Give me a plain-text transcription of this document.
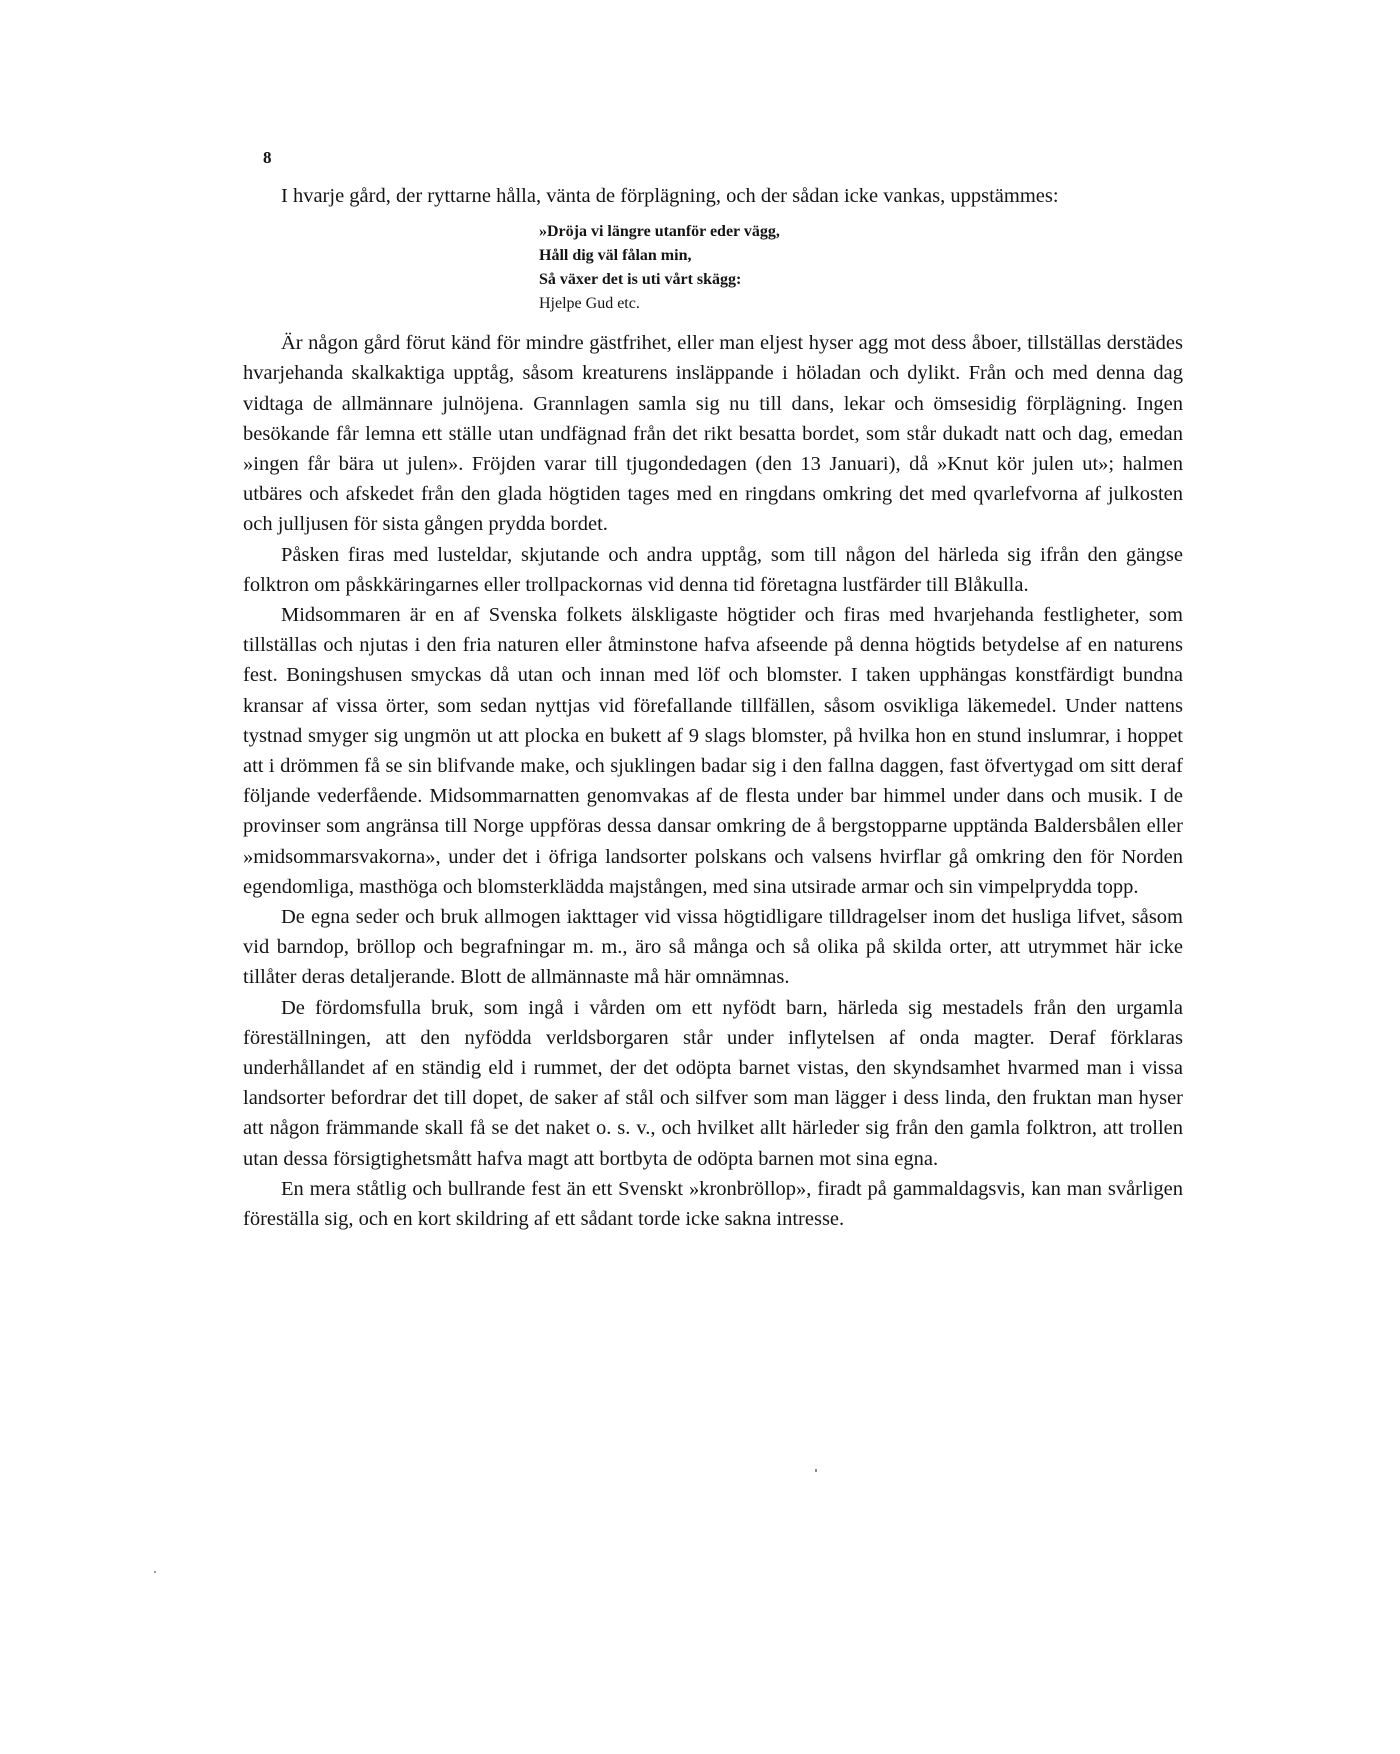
8

I hvarje gård, der ryttarne hålla, vänta de förplägning, och der sådan icke vankas, uppstämmes:

»Dröja vi längre utanför eder vägg,
Håll dig väl fålan min,
Så växer det is uti vårt skägg:
Hjelpe Gud etc.

Är någon gård förut känd för mindre gästfrihet, eller man eljest hyser agg mot dess åboer, tillställas derstädes hvarjehanda skalkaktiga upptåg, såsom kreaturens insläppande i höladan och dylikt. Från och med denna dag vidtaga de allmännare julnöjena. Grannlagen samla sig nu till dans, lekar och ömsesidig förplägning. Ingen besökande får lemna ett ställe utan undfägnad från det rikt besatta bordet, som står dukadt natt och dag, emedan »ingen får bära ut julen». Fröjden varar till tjugondedagen (den 13 Januari), då »Knut kör julen ut»; halmen utbäres och afskedet från den glada högtiden tages med en ringdans omkring det med qvarlefvorna af julkosten och julljusen för sista gången prydda bordet.

Påsken firas med lusteldar, skjutande och andra upptåg, som till någon del härleda sig ifrån den gängse folktron om påskkäringarnes eller trollpackornas vid denna tid företagna lustfärder till Blåkulla.

Midsommaren är en af Svenska folkets älskligaste högtider och firas med hvarjehanda festligheter, som tillställas och njutas i den fria naturen eller åtminstone hafva afseende på denna högtids betydelse af en naturens fest. Boningshusen smyckas då utan och innan med löf och blomster. I taken upphängas konstfärdigt bundna kransar af vissa örter, som sedan nyttjas vid förefallande tillfällen, såsom osvikliga läkemedel. Under nattens tystnad smyger sig ungmön ut att plocka en bukett af 9 slags blomster, på hvilka hon en stund inslumrar, i hoppet att i drömmen få se sin blifvande make, och sjuklingen badar sig i den fallna daggen, fast öfvertygad om sitt deraf följande vederfående. Midsommarnatten genomvakas af de flesta under bar himmel under dans och musik. I de provinser som angränsa till Norge uppföras dessa dansar omkring de å bergstopparne upptända Baldersbålen eller »midsommarsvakorna», under det i öfriga landsorter polskans och valsens hvirflar gå omkring den för Norden egendomliga, masthöga och blomsterklädda majstången, med sina utsirade armar och sin vimpelprydda topp.

De egna seder och bruk allmogen iakttager vid vissa högtidligare tilldragelser inom det husliga lifvet, såsom vid barndop, bröllop och begrafningar m. m., äro så många och så olika på skilda orter, att utrymmet här icke tillåter deras detaljerande. Blott de allmännaste må här omnämnas.

De fördomsfulla bruk, som ingå i vården om ett nyfödt barn, härleda sig mestadels från den urgamla föreställningen, att den nyfödda verldsborgaren står under inflytelsen af onda magter. Deraf förklaras underhållandet af en ständig eld i rummet, der det odöpta barnet vistas, den skyndsamhet hvarmed man i vissa landsorter befordrar det till dopet, de saker af stål och silfver som man lägger i dess linda, den fruktan man hyser att någon främmande skall få se det naket o. s. v., och hvilket allt härleder sig från den gamla folktron, att trollen utan dessa försigtighetsmått hafva magt att bortbyta de odöpta barnen mot sina egna.

En mera ståtlig och bullrande fest än ett Svenskt »kronbröllop», firadt på gammaldagsvis, kan man svårligen föreställa sig, och en kort skildring af ett sådant torde icke sakna intresse.
